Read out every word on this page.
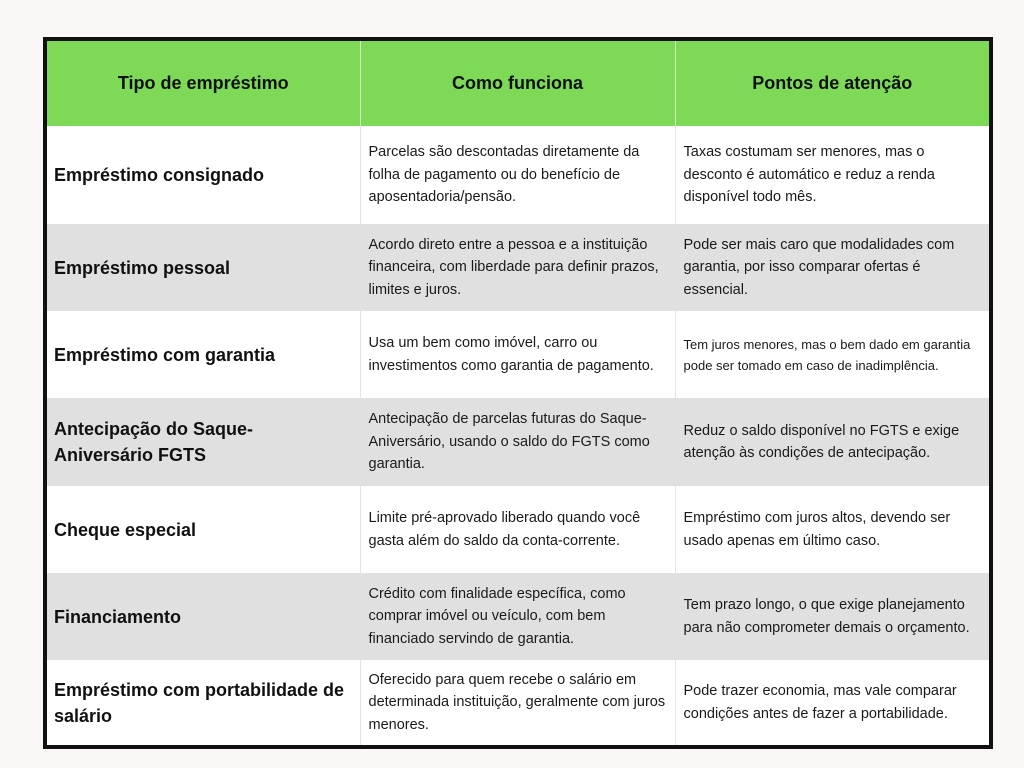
Tipo de empréstimo	Como funciona	Pontos de atenção
Empréstimo consignado	Parcelas são descontadas diretamente da folha de pagamento ou do benefício de aposentadoria/pensão.	Taxas costumam ser menores, mas o desconto é automático e reduz a renda disponível todo mês.
Empréstimo pessoal	Acordo direto entre a pessoa e a instituição financeira, com liberdade para definir prazos, limites e juros.	Pode ser mais caro que modalidades com garantia, por isso comparar ofertas é essencial.
Empréstimo com garantia	Usa um bem como imóvel, carro ou investimentos como garantia de pagamento.	Tem juros menores, mas o bem dado em garantia pode ser tomado em caso de inadimplência.
Antecipação do Saque-Aniversário FGTS	Antecipação de parcelas futuras do Saque-Aniversário, usando o saldo do FGTS como garantia.	Reduz o saldo disponível no FGTS e exige atenção às condições de antecipação.
Cheque especial	Limite pré-aprovado liberado quando você gasta além do saldo da conta-corrente.	Empréstimo com juros altos, devendo ser usado apenas em último caso.
Financiamento	Crédito com finalidade específica, como comprar imóvel ou veículo, com bem financiado servindo de garantia.	Tem prazo longo, o que exige planejamento para não comprometer demais o orçamento.
Empréstimo com portabilidade de salário	Oferecido para quem recebe o salário em determinada instituição, geralmente com juros menores.	Pode trazer economia, mas vale comparar condições antes de fazer a portabilidade.
